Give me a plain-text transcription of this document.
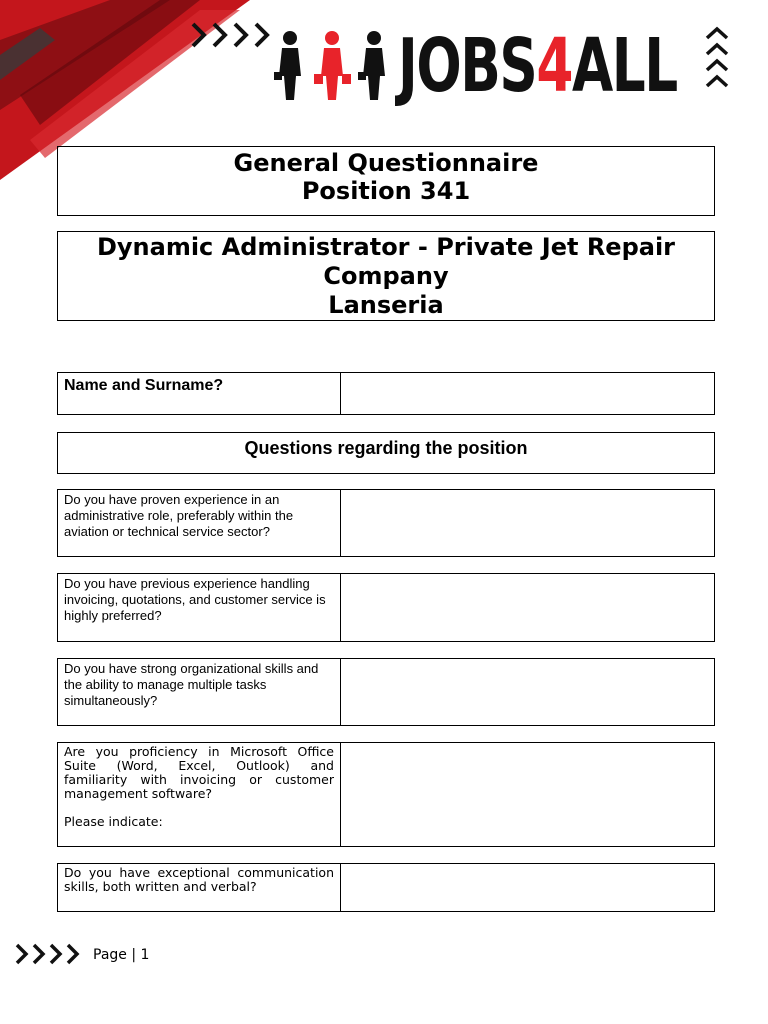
JOBS4ALL
General Questionnaire
Position 341
Dynamic Administrator - Private Jet Repair
Company
Lanseria
Name and Surname?
Questions regarding the position
Do you have proven experience in an administrative role, preferably within the aviation or technical service sector?
Do you have previous experience handling invoicing, quotations, and customer service is highly preferred?
Do you have strong organizational skills and the ability to manage multiple tasks simultaneously?
Are you proficiency in Microsoft Office Suite (Word, Excel, Outlook) and familiarity with invoicing or customer management software?
Please indicate:
Do you have exceptional communication skills, both written and verbal?
Page | 1
